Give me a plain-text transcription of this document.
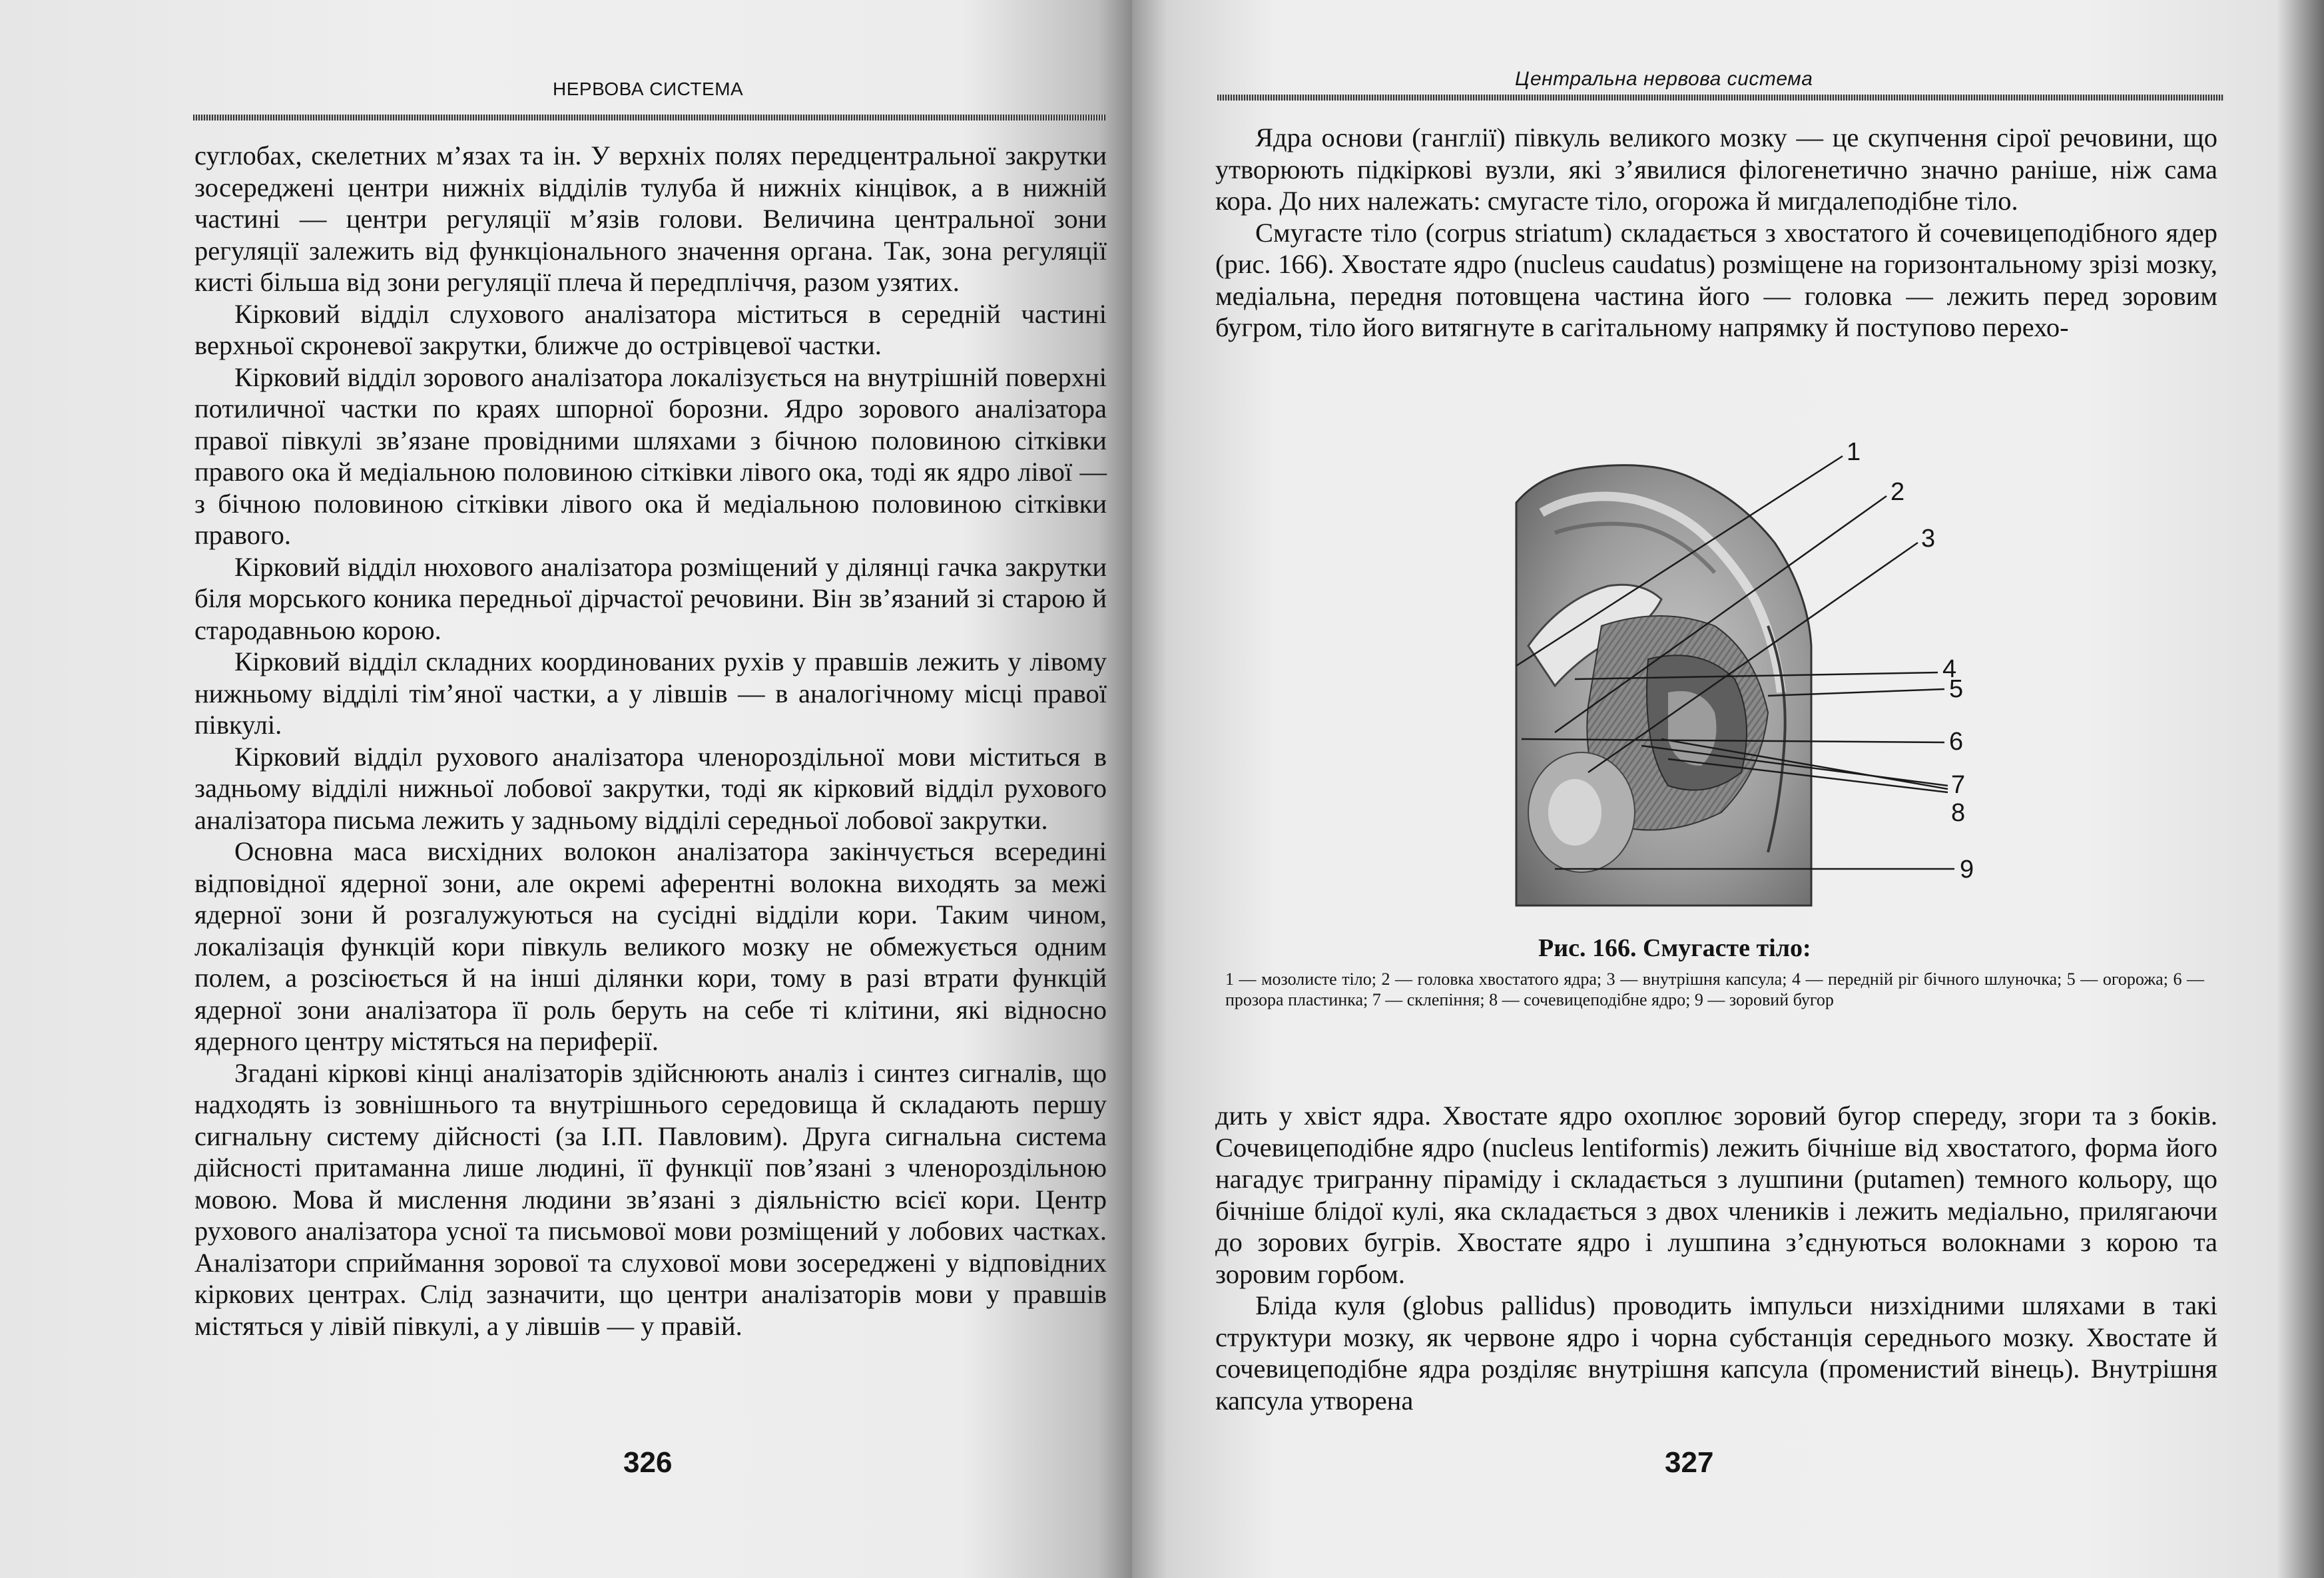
НЕРВОВА СИСТЕМА

суглобах, скелетних м’язах та ін. У верхніх полях передцентральної закрутки зосереджені центри нижніх відділів тулуба й нижніх кінцівок, а в нижній частині — центри регуляції м’язів голови. Величина центральної зони регуляції залежить від функціонального значення органа. Так, зона регуляції кисті більша від зони регуляції плеча й передпліччя, разом узятих.

Кірковий відділ слухового аналізатора міститься в середній частині верхньої скроневої закрутки, ближче до острівцевої частки.

Кірковий відділ зорового аналізатора локалізується на внутрішній поверхні потиличної частки по краях шпорної борозни. Ядро зорового аналізатора правої півкулі зв’язане провідними шляхами з бічною половиною сітківки правого ока й медіальною половиною сітківки лівого ока, тоді як ядро лівої — з бічною половиною сітківки лівого ока й медіальною половиною сітківки правого.

Кірковий відділ нюхового аналізатора розміщений у ділянці гачка закрутки біля морського коника передньої дірчастої речовини. Він зв’язаний зі старою й стародавньою корою.

Кірковий відділ складних координованих рухів у правшів лежить у лівому нижньому відділі тім’яної частки, а у лівшів — в аналогічному місці правої півкулі.

Кірковий відділ рухового аналізатора членороздільної мови міститься в задньому відділі нижньої лобової закрутки, тоді як кірковий відділ рухового аналізатора письма лежить у задньому відділі середньої лобової закрутки.

Основна маса висхідних волокон аналізатора закінчується всередині відповідної ядерної зони, але окремі аферентні волокна виходять за межі ядерної зони й розгалужуються на сусідні відділи кори. Таким чином, локалізація функцій кори півкуль великого мозку не обмежується одним полем, а розсіюється й на інші ділянки кори, тому в разі втрати функцій ядерної зони аналізатора її роль беруть на себе ті клітини, які відносно ядерного центру містяться на периферії.

Згадані кіркові кінці аналізаторів здійснюють аналіз і синтез сигналів, що надходять із зовнішнього та внутрішнього середовища й складають першу сигнальну систему дійсності (за І.П. Павловим). Друга сигнальна система дійсності притаманна лише людині, її функції пов’язані з членороздільною мовою. Мова й мислення людини зв’язані з діяльністю всієї кори. Центр рухового аналізатора усної та письмової мови розміщений у лобових частках. Аналізатори сприймання зорової та слухової мови зосереджені у відповідних кіркових центрах. Слід зазначити, що центри аналізаторів мови у правшів містяться у лівій півкулі, а у лівшів — у правій.

326
Центральна нервова система

Ядра основи (ганглії) півкуль великого мозку — це скупчення сірої речовини, що утворюють підкіркові вузли, які з’явилися філогенетично значно раніше, ніж сама кора. До них належать: смугасте тіло, огорожа й мигдалеподібне тіло.

Смугасте тіло (corpus striatum) складається з хвостатого й сочевицеподібного ядер (рис. 166). Хвостате ядро (nucleus caudatus) розміщене на горизонтальному зрізі мозку, медіальна, передня потовщена частина його — головка — лежить перед зоровим бугром, тіло його витягнуте в сагітальному напрямку й поступово перехо-

1
2
3
4
5
6
7
8
9
Рис. 166. Смугасте тіло:
1 — мозолисте тіло; 2 — головка хвостатого ядра; 3 — внутрішня капсула; 4 — передній ріг бічного шлуночка; 5 — огорожа; 6 — прозора пластинка; 7 — склепіння; 8 — сочевицеподібне ядро; 9 — зоровий бугор

дить у хвіст ядра. Хвостате ядро охоплює зоровий бугор спереду, згори та з боків. Сочевицеподібне ядро (nucleus lentiformis) лежить бічніше від хвостатого, форма його нагадує тригранну піраміду і складається з лушпини (putamen) темного кольору, що бічніше блідої кулі, яка складається з двох члеників і лежить медіально, прилягаючи до зорових бугрів. Хвостате ядро і лушпина з’єднуються волокнами з корою та зоровим горбом.

Бліда куля (globus pallidus) проводить імпульси низхідними шляхами в такі структури мозку, як червоне ядро і чорна субстанція середнього мозку. Хвостате й сочевицеподібне ядра розділяє внутрішня капсула (променистий вінець). Внутрішня капсула утворена

327
